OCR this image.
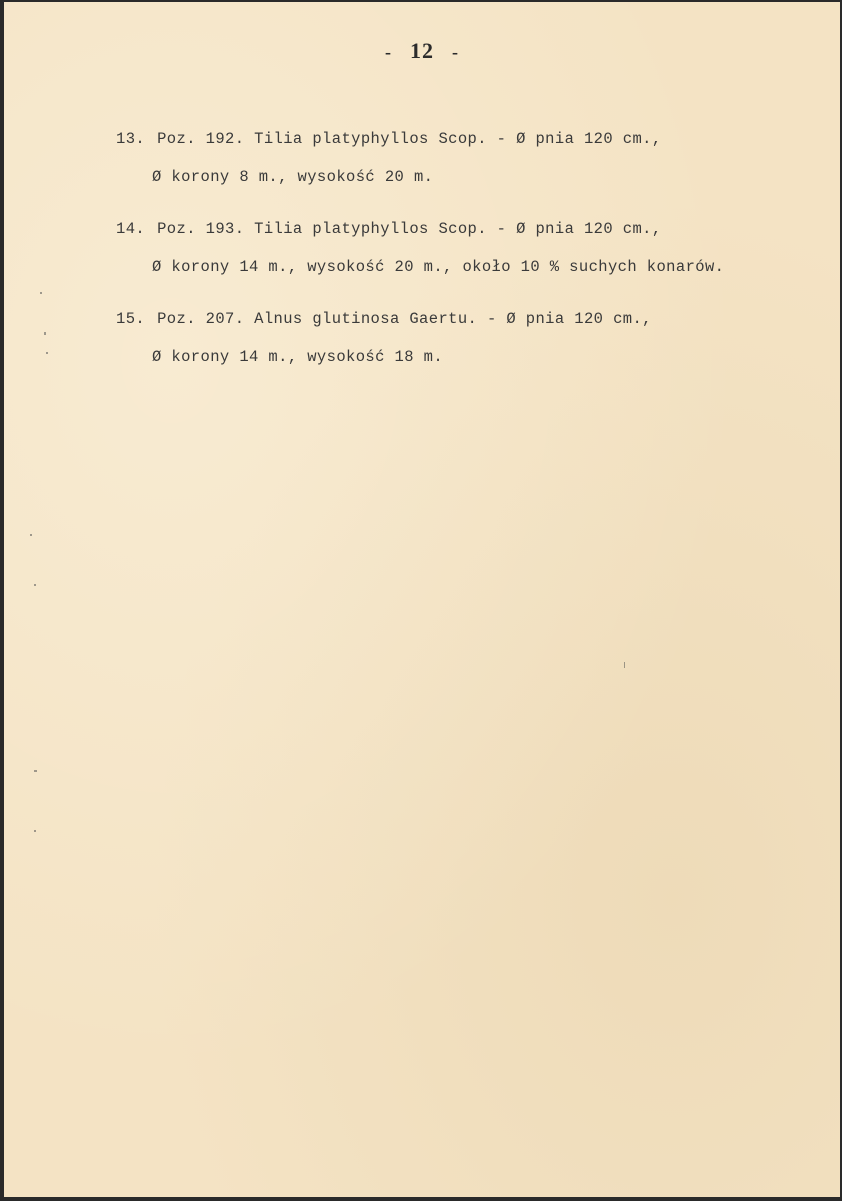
- 12 -
13. Poz. 192. Tilia platyphyllos Scop. - Ø pnia 120 cm.,
Ø korony 8 m., wysokość 20 m.
14. Poz. 193. Tilia platyphyllos Scop. - Ø pnia 120 cm.,
Ø korony 14 m., wysokość 20 m., około 10 % suchych konarów.
15. Poz. 207. Alnus glutinosa Gaertu. - Ø pnia 120 cm.,
Ø korony 14 m., wysokość 18 m.
